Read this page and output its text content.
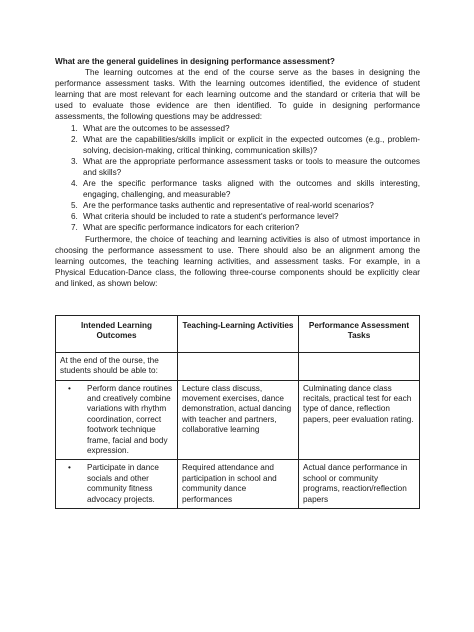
What are the general guidelines in designing performance assessment?

The learning outcomes at the end of the course serve as the bases in designing the performance assessment tasks. With the learning outcomes identified, the evidence of student learning that are most relevant for each learning outcome and the standard or criteria that will be used to evaluate those evidence are then identified. To guide in designing performance assessments, the following questions may be addressed:

1. What are the outcomes to be assessed?
2. What are the capabilities/skills implicit or explicit in the expected outcomes (e.g., problem-solving, decision-making, critical thinking, communication skills)?
3. What are the appropriate performance assessment tasks or tools to measure the outcomes and skills?
4. Are the specific performance tasks aligned with the outcomes and skills interesting, engaging, challenging, and measurable?
5. Are the performance tasks authentic and representative of real-world scenarios?
6. What criteria should be included to rate a student's performance level?
7. What are specific performance indicators for each criterion?

Furthermore, the choice of teaching and learning activities is also of utmost importance in choosing the performance assessment to use. There should also be an alignment among the learning outcomes, the teaching learning activities, and assessment tasks. For example, in a Physical Education-Dance class, the following three-course components should be explicitly clear and linked, as shown below:

Intended Learning Outcomes	Teaching-Learning Activities	Performance Assessment Tasks
At the end of the ourse, the students should be able to:		

• Perform dance routines and creatively combine variations with rhythm coordination, correct footwork technique frame, facial and body expression.	Lecture class discuss, movement exercises, dance demonstration, actual dancing with teacher and partners, collaborative learning	Culminating dance class recitals, practical test for each type of dance, reflection papers, peer evaluation rating.

• Participate in dance socials and other community fitness advocacy projects.	Required attendance and participation in school and community dance performances	Actual dance performance in school or community programs, reaction/reflection papers
